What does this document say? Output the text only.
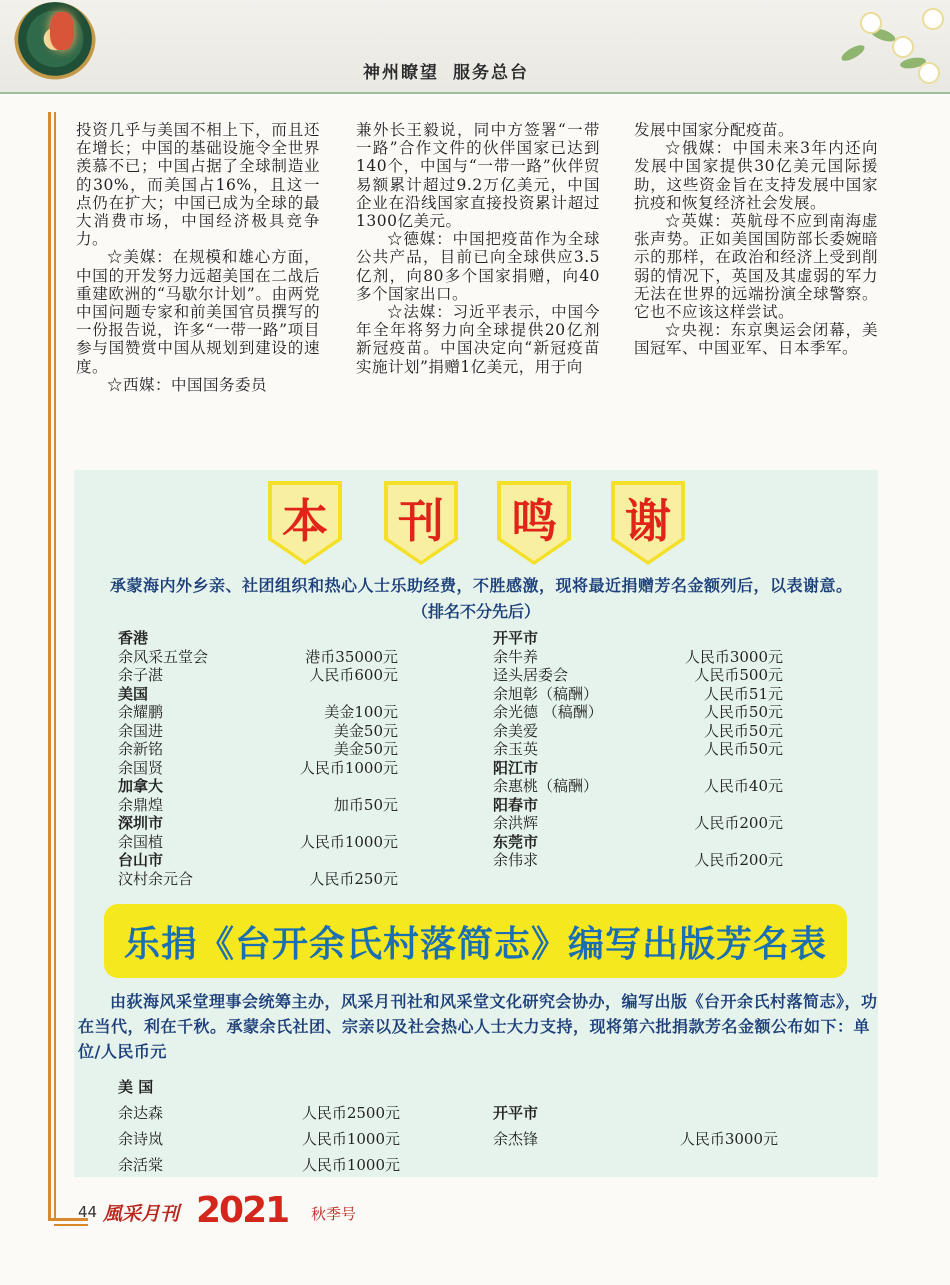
神州瞭望 服务总台

投资几乎与美国不相上下，而且还在增长；中国的基础设施令全世界羡慕不已；中国占据了全球制造业的30%，而美国占16%，且这一点仍在扩大；中国已成为全球的最大消费市场，中国经济极具竞争力。

☆美媒：在规模和雄心方面，中国的开发努力远超美国在二战后重建欧洲的“马歇尔计划”。由两党中国问题专家和前美国官员撰写的一份报告说，许多“一带一路”项目参与国赞赏中国从规划到建设的速度。

☆西媒：中国国务委员

兼外长王毅说，同中方签署“一带一路”合作文件的伙伴国家已达到140个，中国与“一带一路”伙伴贸易额累计超过9.2万亿美元，中国企业在沿线国家直接投资累计超过1300亿美元。

☆德媒：中国把疫苗作为全球公共产品，目前已向全球供应3.5亿剂，向80多个国家捐赠，向40多个国家出口。

☆法媒：习近平表示，中国今年全年将努力向全球提供20亿剂新冠疫苗。中国决定向“新冠疫苗实施计划”捐赠1亿美元，用于向

发展中国家分配疫苗。

☆俄媒：中国未来3年内还向发展中国家提供30亿美元国际援助，这些资金旨在支持发展中国家抗疫和恢复经济社会发展。

☆英媒：英航母不应到南海虚张声势。正如美国国防部长委婉暗示的那样，在政治和经济上受到削弱的情况下，英国及其虚弱的军力无法在世界的远端扮演全球警察。它也不应该这样尝试。

☆央视：东京奥运会闭幕，美国冠军、中国亚军、日本季军。

本	刊	鸣	谢

承蒙海内外乡亲、社团组织和热心人士乐助经费，不胜感激，现将最近捐赠芳名金额列后，以表谢意。

（排名不分先后）
香港
余风采五堂会	港币35000元
余子湛	人民币600元
美国
余耀鹏	美金100元
余国进	美金50元
余新铭	美金50元
余国贤	人民币1000元
加拿大
余鼎煌	加币50元
深圳市
余国植	人民币1000元
台山市
汶村余元合	人民币250元
开平市
余牛养	人民币3000元
迳头居委会	人民币500元
余旭彰（稿酬）	人民币51元
余光德 （稿酬）	人民币50元
余美爱	人民币50元
余玉英	人民币50元
阳江市
余惠桃（稿酬）	人民币40元
阳春市
余洪辉	人民币200元
东莞市
余伟求	人民币200元
乐捐《台开余氏村落简志》编写出版芳名表

由荻海风采堂理事会统筹主办，风采月刊社和风采堂文化研究会协办，编写出版《台开余氏村落简志》，功在当代，利在千秋。承蒙余氏社团、宗亲以及社会热心人士大力支持，现将第六批捐款芳名金额公布如下：单位/人民币元

美 国
余达森	人民币2500元
余诗岚	人民币1000元
余活棠	人民币1000元
开平市
余杰锋	人民币3000元
44 風采月刊 2021 秋季号
